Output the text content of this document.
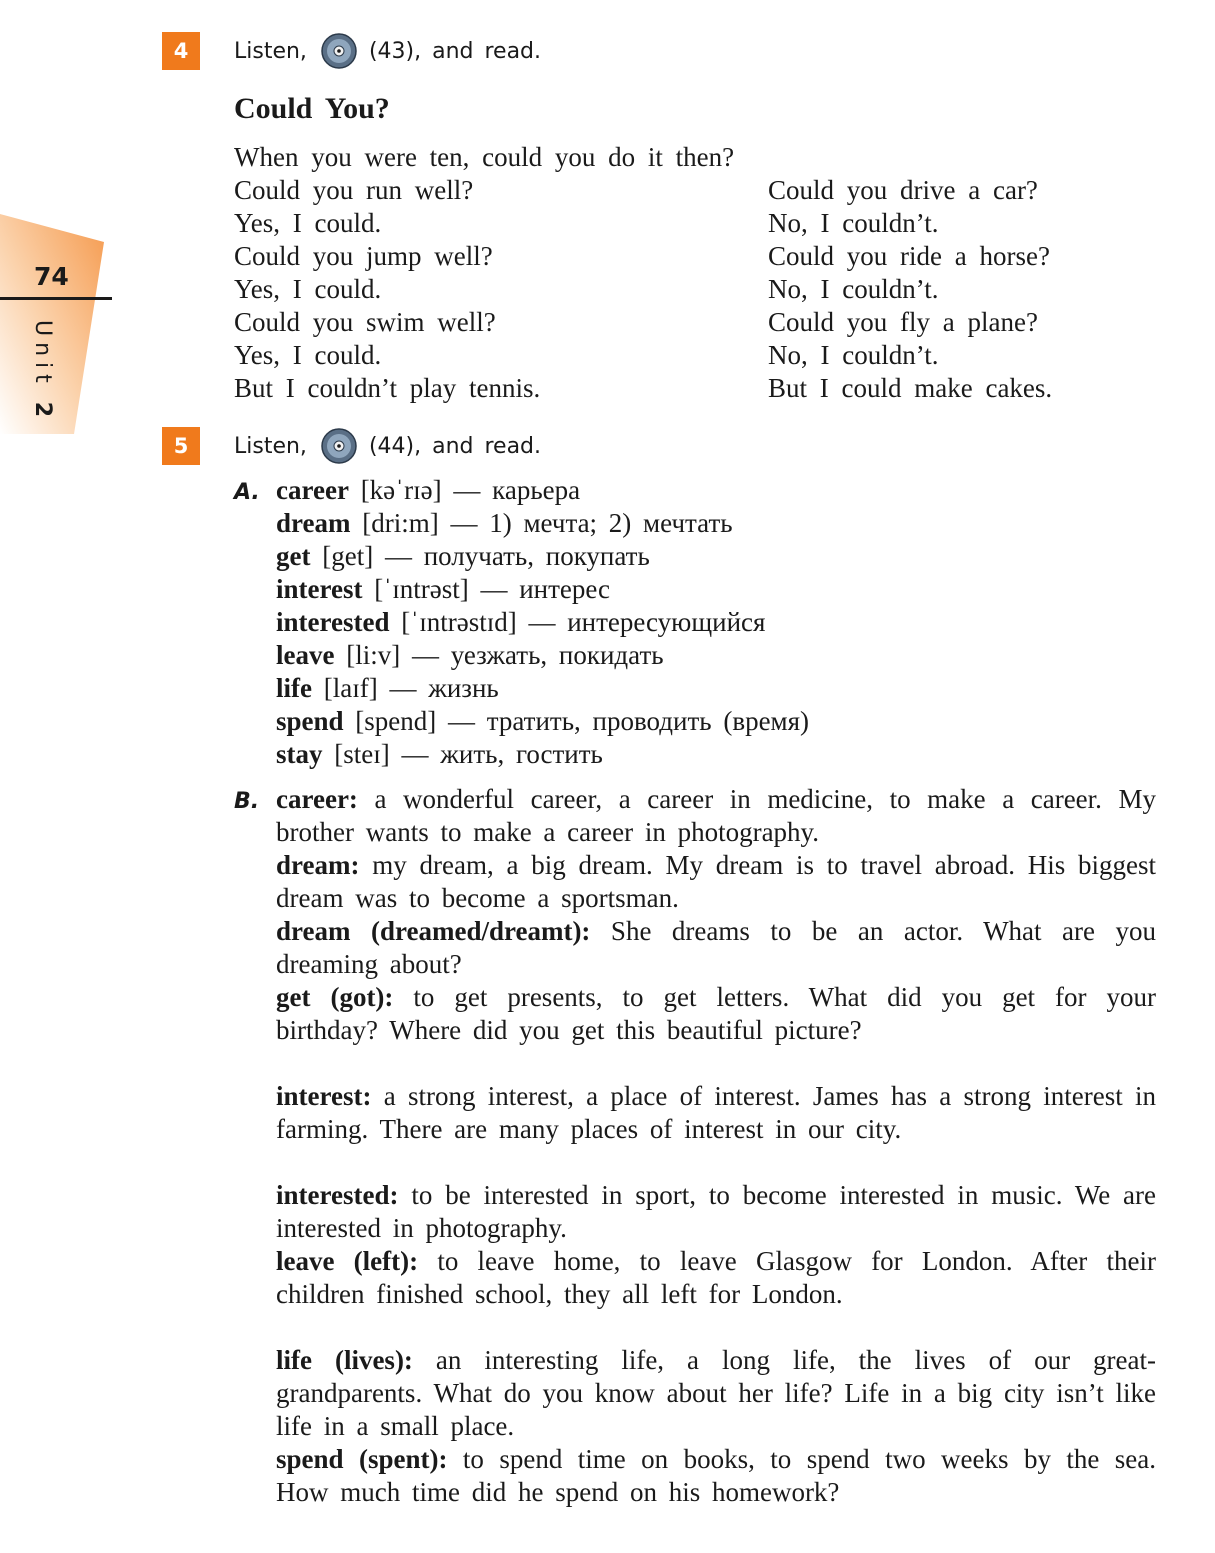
74
Unit 2
4	Listen,	(43), and read.
Could You?
When you were ten, could you do it then?
Could you run well?
Yes, I could.
Could you jump well?
Yes, I could.
Could you swim well?
Yes, I could.
But I couldn’t play tennis.
Could you drive a car?
No, I couldn’t.
Could you ride a horse?
No, I couldn’t.
Could you fly a plane?
No, I couldn’t.
But I could make cakes.
5	Listen,	(44), and read.
A. career [kəˈrɪə] — карьера
dream [dri:m] — 1) мечта; 2) мечтать
get [get] — получать, покупать
interest [ˈɪntrəst] — интерес
interested [ˈɪntrəstɪd] — интересующийся
leave [li:v] — уезжать, покидать
life [laɪf] — жизнь
spend [spend] — тратить, проводить (время)
stay [steɪ] — жить, гостить
B. career: a wonderful career, a career in medicine, to make a career. My brother wants to make a career in photography.
dream: my dream, a big dream. My dream is to travel abroad. His biggest dream was to become a sportsman.
dream (dreamed/dreamt): She dreams to be an actor. What are you dreaming about?
get (got): to get presents, to get letters. What did you get for your birthday? Where did you get this beautiful picture?
interest: a strong interest, a place of interest. James has a strong interest in farming. There are many places of interest in our city.
interested: to be interested in sport, to become interested in music. We are interested in photography.
leave (left): to leave home, to leave Glasgow for London. After their children finished school, they all left for London.
life (lives): an interesting life, a long life, the lives of our great-grandparents. What do you know about her life? Life in a big city isn’t like life in a small place.
spend (spent): to spend time on books, to spend two weeks by the sea. How much time did he spend on his homework?
